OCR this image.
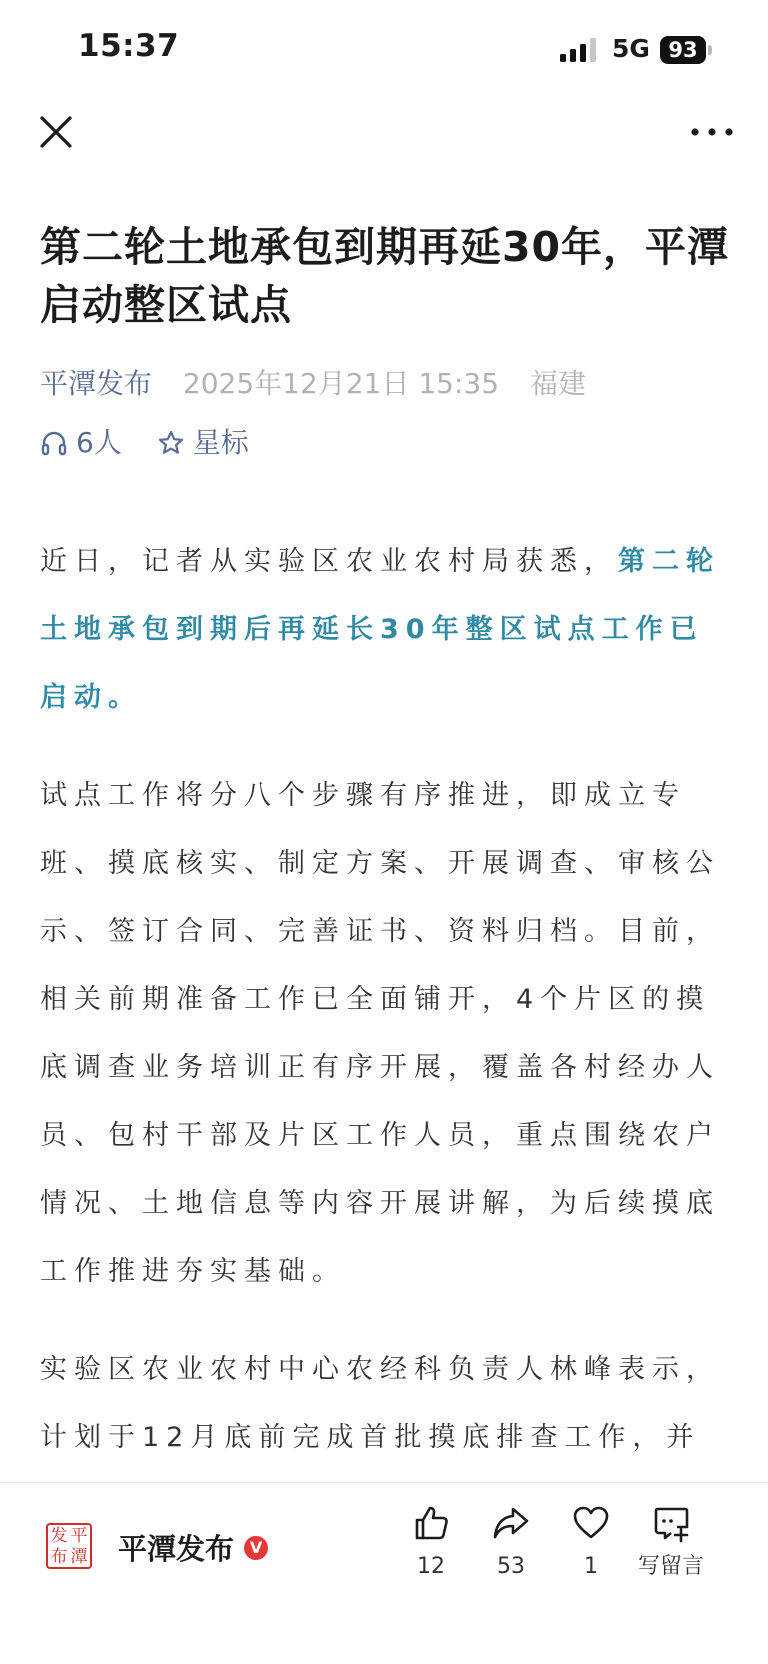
15:37	5G 93
第二轮土地承包到期再延30年，平潭启动整区试点
平潭发布 2025年12月21日 15:35 福建
6人
	星标

近日，记者从实验区农业农村局获悉，第二轮土地承包到期后再延长30年整区试点工作已启动。

试点工作将分八个步骤有序推进，即成立专班、摸底核实、制定方案、开展调查、审核公示、签订合同、完善证书、资料归档。目前，相关前期准备工作已全面铺开，4个片区的摸底调查业务培训正有序开展，覆盖各村经办人员、包村干部及片区工作人员，重点围绕农户情况、土地信息等内容开展讲解，为后续摸底工作推进夯实基础。

实验区农业农村中心农经科负责人林峰表示，计划于12月底前完成首批摸底排查工作，并

发 平
布 潭 平潭发布 V
12	53	1	写留言
